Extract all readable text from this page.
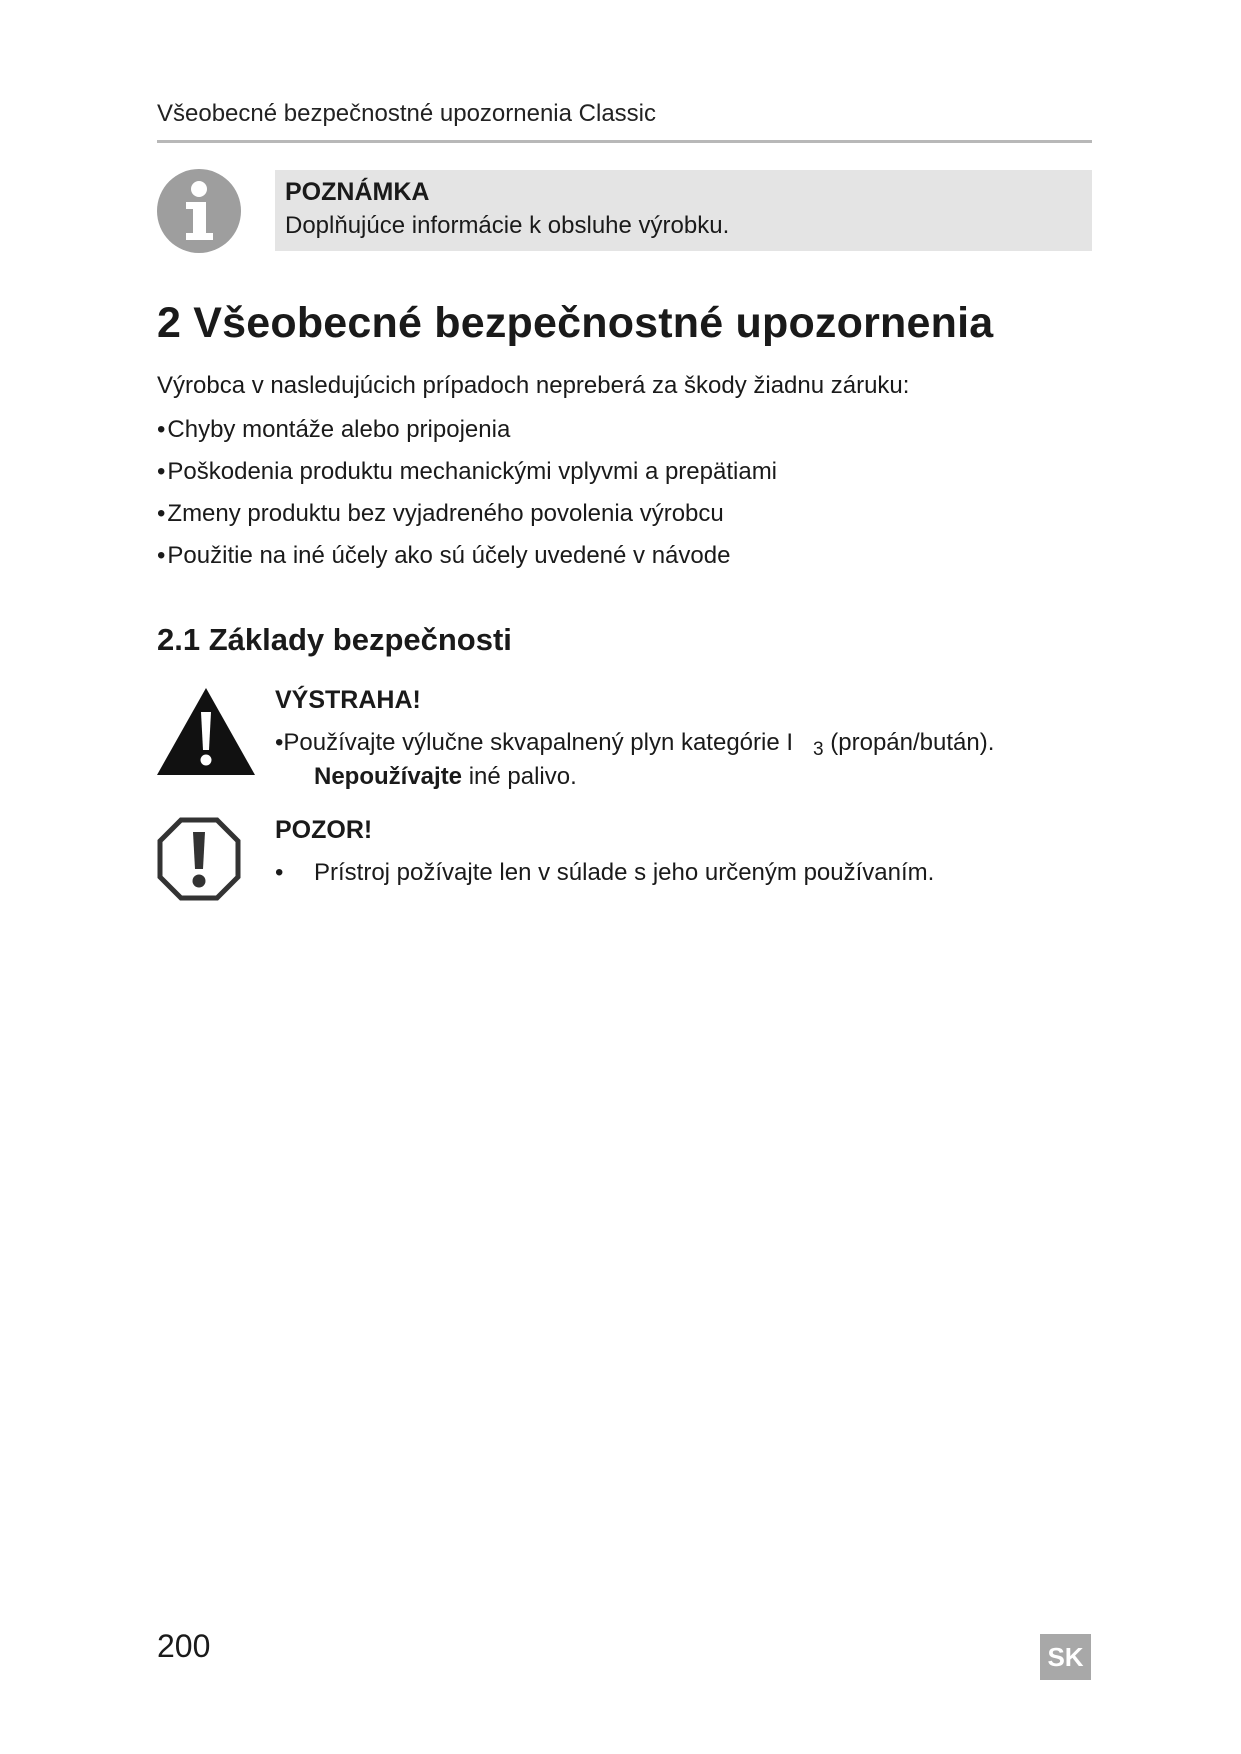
Všeobecné bezpečnostné upozornenia Classic
POZNÁMKA
Doplňujúce informácie k obsluhe výrobku.
2 Všeobecné bezpečnostné upozornenia
Výrobca v nasledujúcich prípadoch nepreberá za škody žiadnu záruku:
• Chyby montáže alebo pripojenia
• Poškodenia produktu mechanickými vplyvmi a prepätiami
• Zmeny produktu bez vyjadreného povolenia výrobcu
• Použitie na iné účely ako sú účely uvedené v návode
2.1 Základy bezpečnosti
VÝSTRAHA!
•Používajte výlučne skvapalnený plyn kategórie I $_3$ (propán/bután).
Nepoužívajte iné palivo.
POZOR!
• Prístroj požívajte len v súlade s jeho určeným používaním.
200	SK
